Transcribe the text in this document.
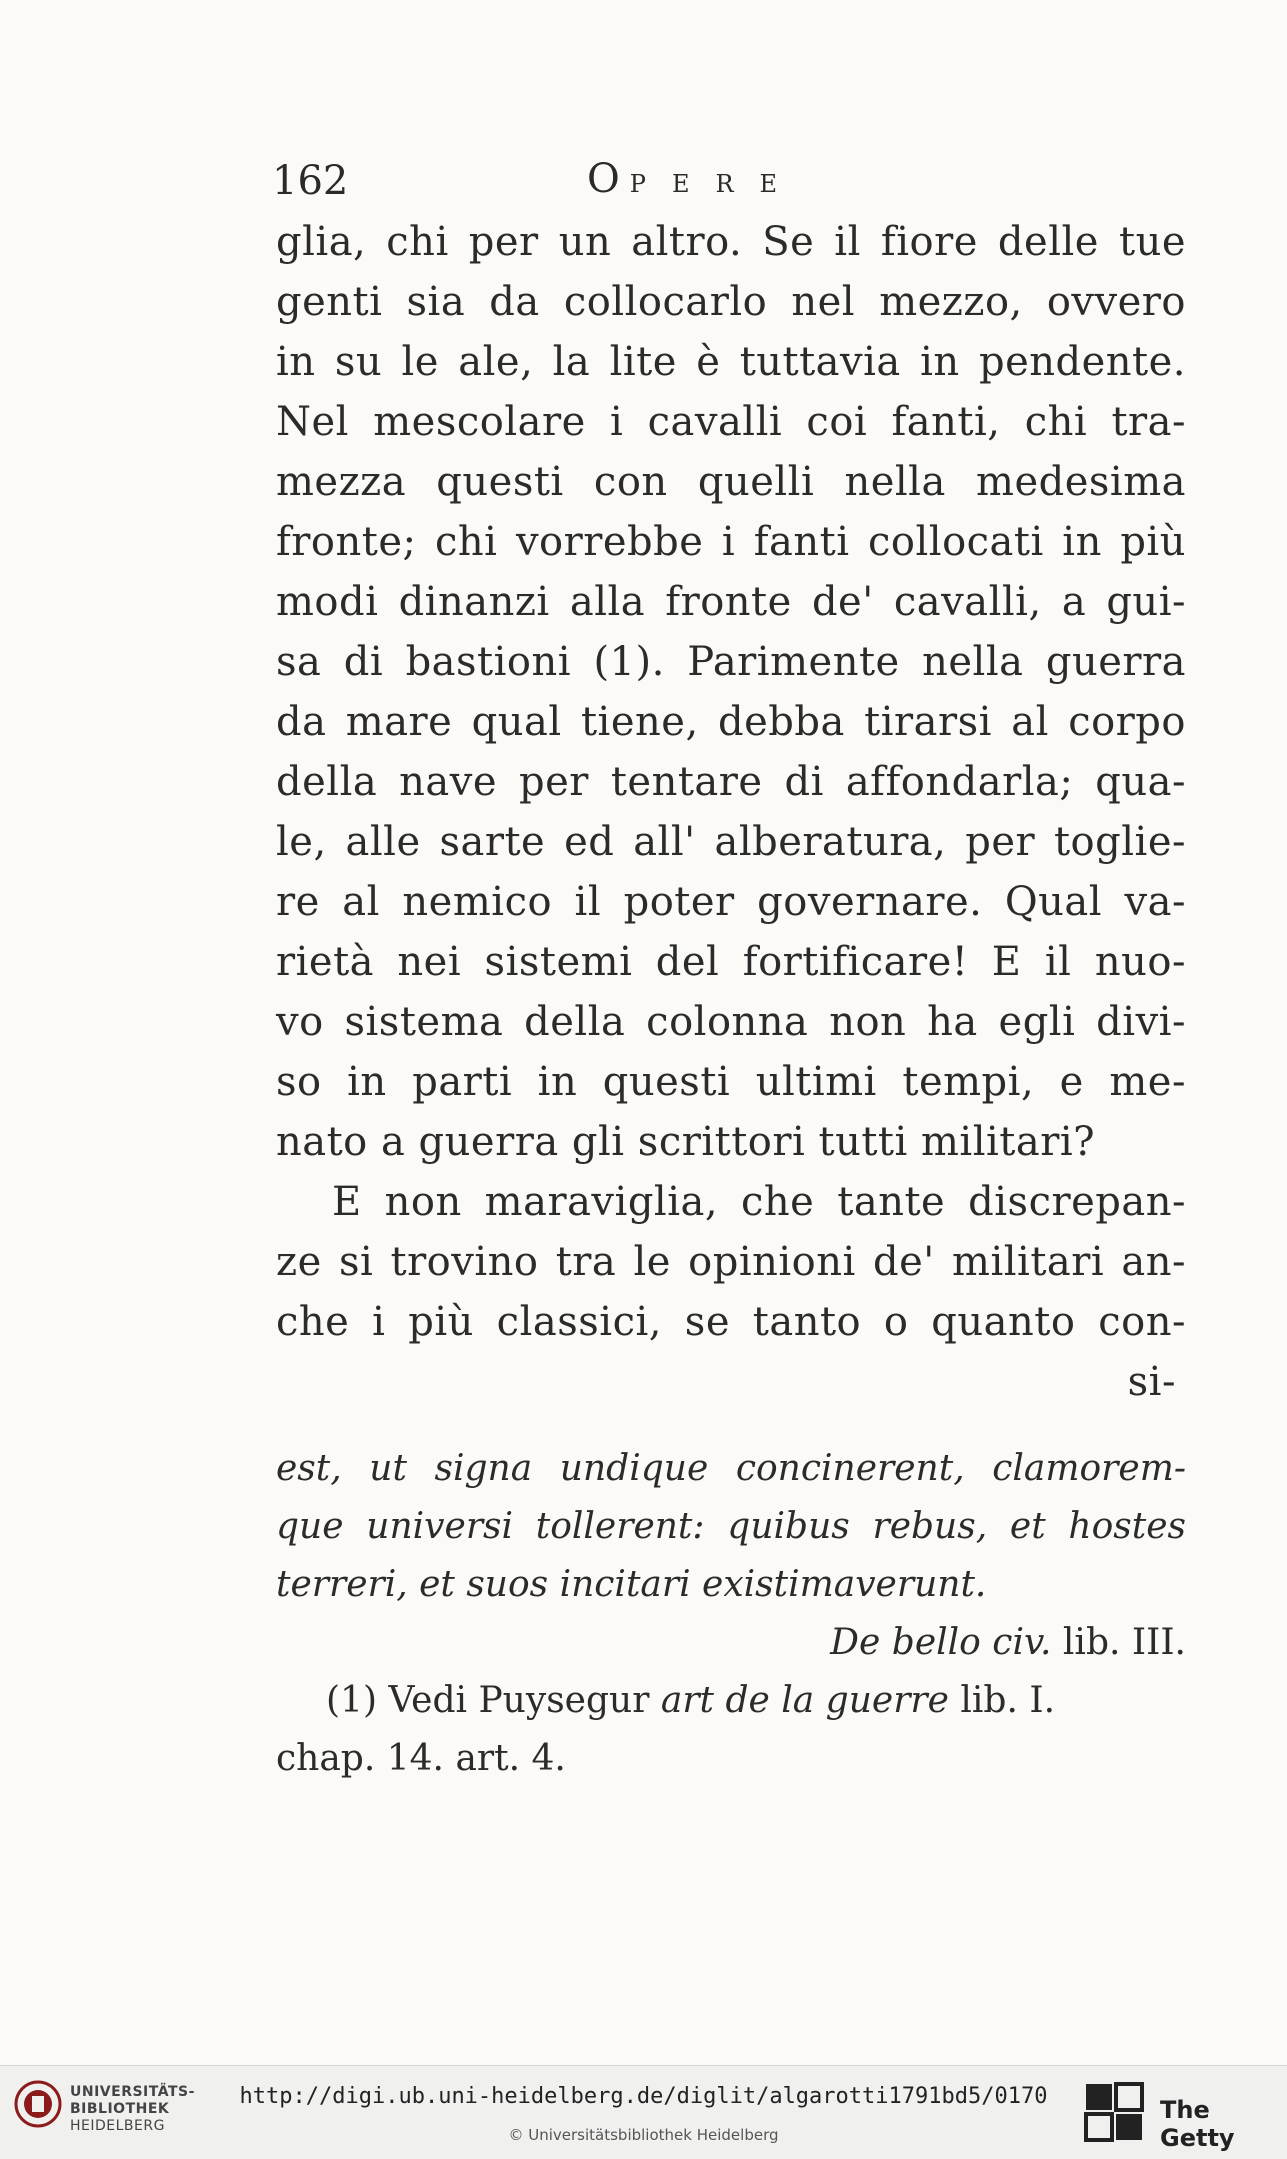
162	OPERE
glia, chi per un altro. Se il fiore delle tue
genti sia da collocarlo nel mezzo, ovvero
in su le ale, la lite è tuttavia in pendente.
Nel mescolare i cavalli coi fanti, chi tra-
mezza questi con quelli nella medesima
fronte; chi vorrebbe i fanti collocati in più
modi dinanzi alla fronte de' cavalli, a gui-
sa di bastioni (1). Parimente nella guerra
da mare qual tiene, debba tirarsi al corpo
della nave per tentare di affondarla; qua-
le, alle sarte ed all' alberatura, per toglie-
re al nemico il poter governare. Qual va-
rietà nei sistemi del fortificare! E il nuo-
vo sistema della colonna non ha egli divi-
so in parti in questi ultimi tempi, e me-
nato a guerra gli scrittori tutti militari?
E non maraviglia, che tante discrepan-
ze si trovino tra le opinioni de' militari an-
che i più classici, se tanto o quanto con-
si-
est, ut signa undique concinerent, clamorem-
que universi tollerent: quibus rebus, et hostes
terreri, et suos incitari existimaverunt.
De bello civ. lib. III.
(1) Vedi Puysegur art de la guerre lib. I.
chap. 14. art. 4.
UNIVERSITÄTS-
BIBLIOTHEK
HEIDELBERG
http://digi.ub.uni-heidelberg.de/diglit/algarotti1791bd5/0170
© Universitätsbibliothek Heidelberg
The Getty
